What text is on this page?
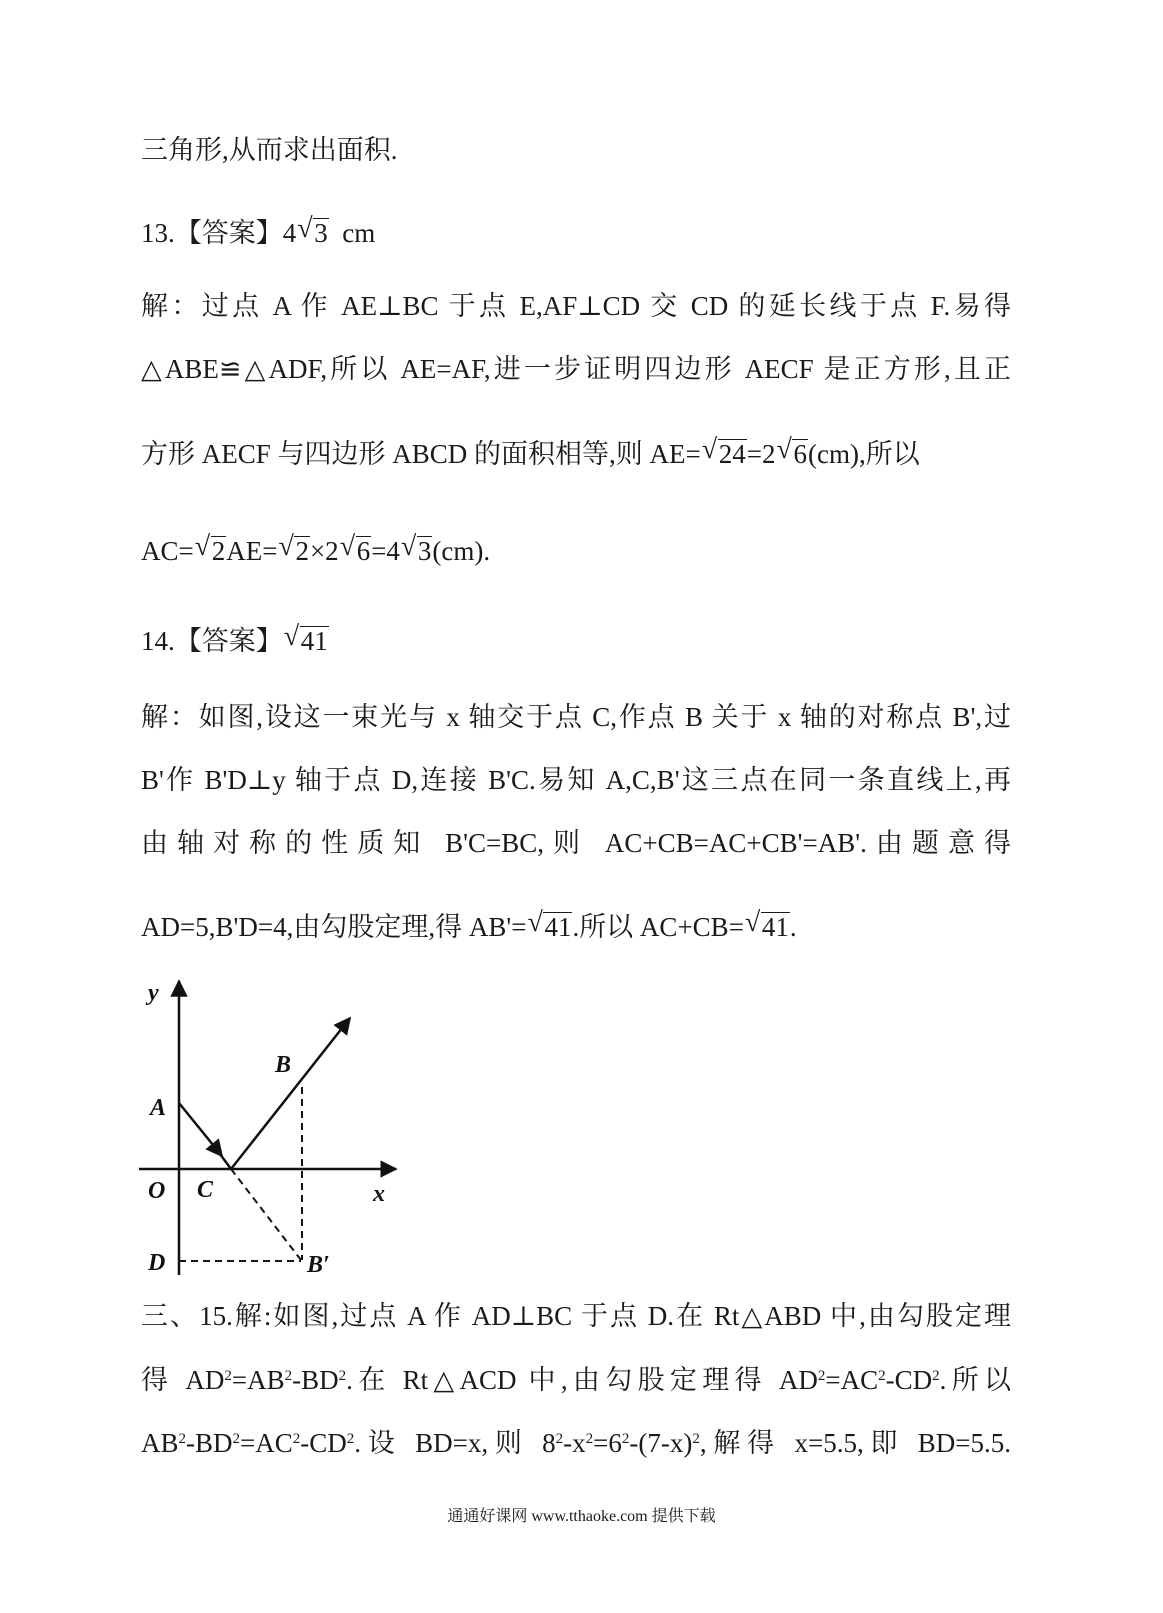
三角形,从而求出面积.
13.【答案】4 √ 3 cm
解：过点 A 作 AE⊥BC 于点 E,AF⊥CD 交 CD 的延长线于点 F.易得
△ABE≌△ADF,所以 AE=AF,进一步证明四边形 AECF 是正方形,且正
方形 AECF 与四边形 ABCD 的面积相等,则 AE= √ 24=2 √ 6(cm),所以
AC= √ 2AE= √ 2×2 √ 6=4 √ 3(cm).
14.【答案】 √ 41
解：如图,设这一束光与 x 轴交于点 C,作点 B 关于 x 轴的对称点 B',过
B'作 B'D⊥y 轴于点 D,连接 B'C.易知 A,C,B'这三点在同一条直线上,再
由轴对称的性质知 B'C=BC,则 AC+CB=AC+CB'=AB'.由题意得
AD=5,B'D=4,由勾股定理,得 AB'= √ 41.所以 AC+CB= √ 41.
y
A
B
O C	x
D	B′
三、15.解:如图,过点 A 作 AD⊥BC 于点 D.在 Rt△ABD 中,由勾股定理
得 $AD^2=AB^2-BD^2$.在 Rt△ACD 中,由勾股定理得 $AD^2=AC^2-CD^2$.所以
$AB^2-BD^2=AC^2-CD^2$.设 BD=x,则 $8^2-x^2=6^2-(7-x)^2$,解得 x=5.5,即 BD=5.5.
通通好课网 www.tthaoke.com 提供下载
